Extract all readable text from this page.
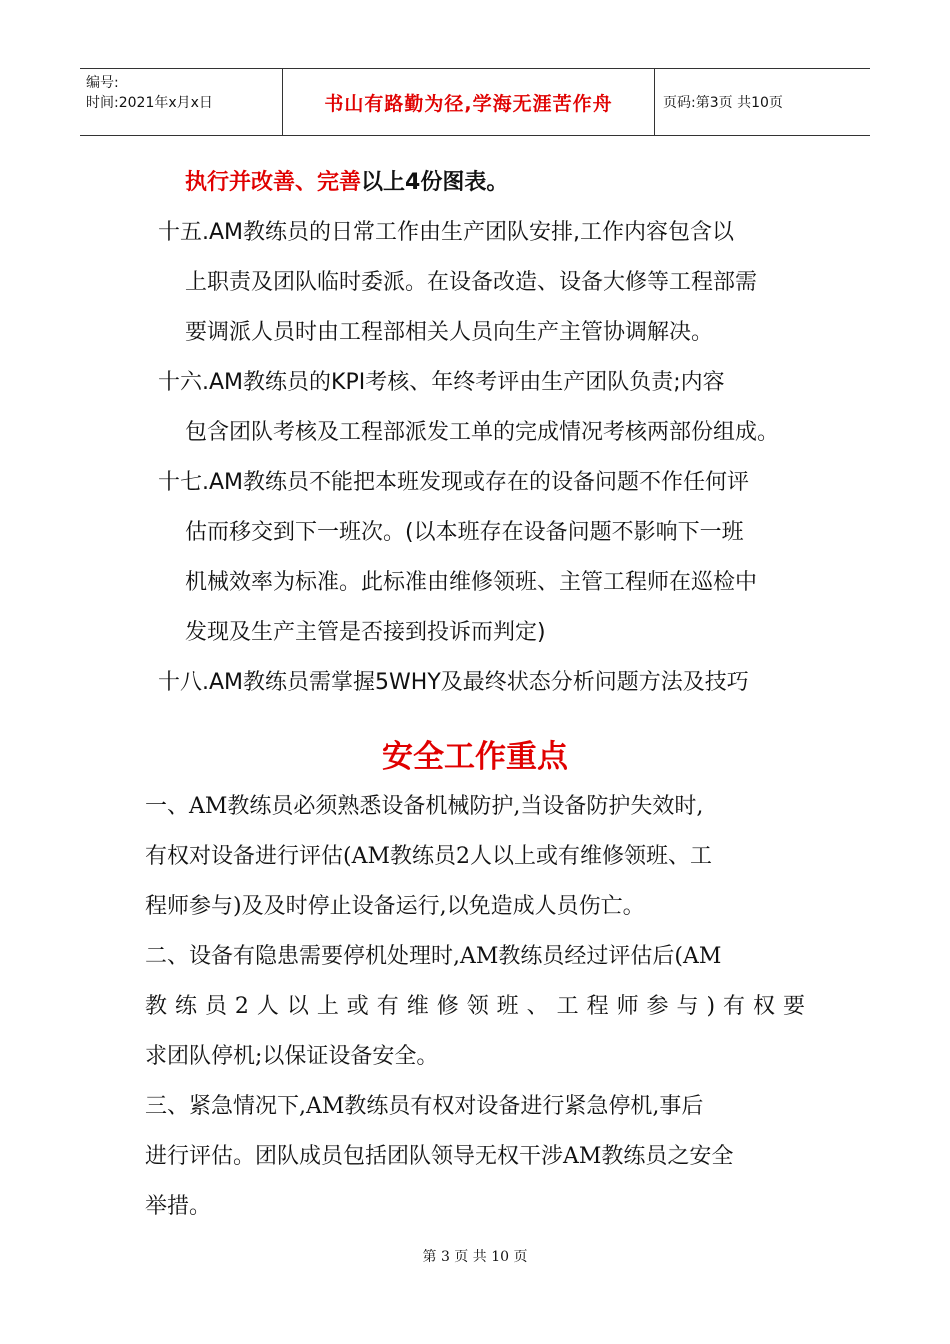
编号:
时间:2021年x月x日	书山有路勤为径,学海无涯苦作舟	页码:第3页 共10页
执行并改善、完善以上4份图表。
十五.AM教练员的日常工作由生产团队安排,工作内容包含以
上职责及团队临时委派。在设备改造、设备大修等工程部需
要调派人员时由工程部相关人员向生产主管协调解决。
十六.AM教练员的KPI考核、年终考评由生产团队负责;内容
包含团队考核及工程部派发工单的完成情况考核两部份组成。
十七.AM教练员不能把本班发现或存在的设备问题不作任何评
估而移交到下一班次。(以本班存在设备问题不影响下一班
机械效率为标准。此标准由维修领班、主管工程师在巡检中
发现及生产主管是否接到投诉而判定)
十八.AM教练员需掌握5WHY及最终状态分析问题方法及技巧
安全工作重点
一、AM教练员必须熟悉设备机械防护,当设备防护失效时,
有权对设备进行评估(AM教练员2人以上或有维修领班、工
程师参与)及及时停止设备运行,以免造成人员伤亡。
二、设备有隐患需要停机处理时,AM教练员经过评估后(AM
教练员2人以上或有维修领班、工程师参与)有权要
求团队停机;以保证设备安全。
三、紧急情况下,AM教练员有权对设备进行紧急停机,事后
进行评估。团队成员包括团队领导无权干涉AM教练员之安全
举措。
第 3 页 共 10 页
